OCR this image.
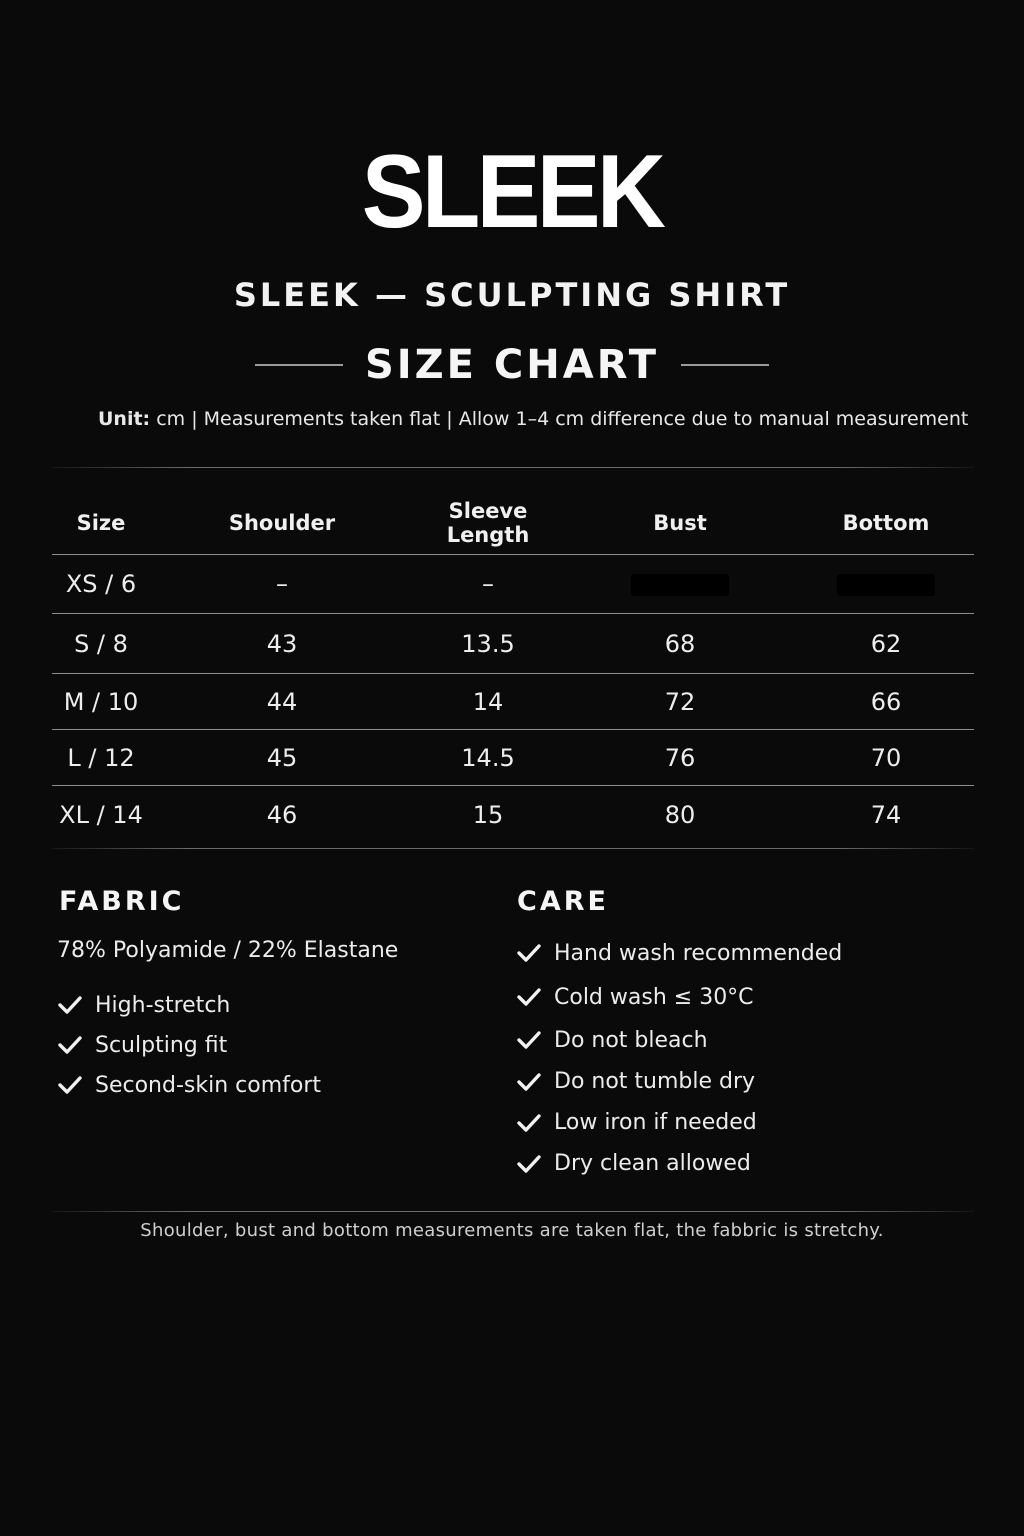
SLEEK
SLEEK — SCULPTING SHIRT
SIZE CHART
Unit: cm | Measurements taken flat | Allow 1–4 cm difference due to manual measurement
Size	Shoulder	Sleeve Length	Bust	Bottom
XS / 6	–	–		
S / 8	43	13.5	68	62
M / 10	44	14	72	66
L / 12	45	14.5	76	70
XL / 14	46	15	80	74
FABRIC
78% Polyamide / 22% Elastane
High-stretch
Sculpting fit
Second-skin comfort
CARE
Hand wash recommended
Cold wash ≤ 30°C
Do not bleach
Do not tumble dry
Low iron if needed
Dry clean allowed
Shoulder, bust and bottom measurements are taken flat, the fabbric is stretchy.
